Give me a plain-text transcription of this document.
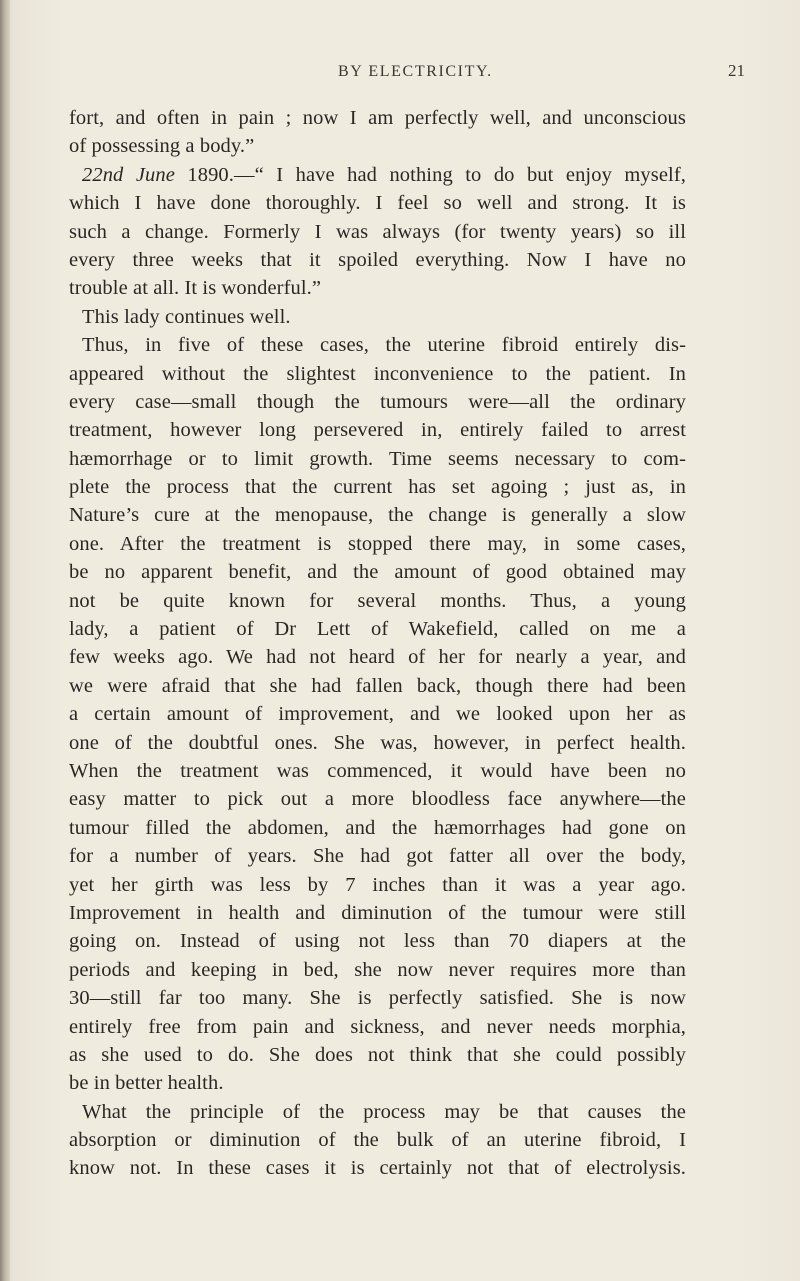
BY ELECTRICITY.	21
fort, and often in pain ; now I am perfectly well, and unconscious
of possessing a body.”
22nd June 1890.—“ I have had nothing to do but enjoy myself,
which I have done thoroughly. I feel so well and strong. It is
such a change. Formerly I was always (for twenty years) so ill
every three weeks that it spoiled everything. Now I have no
trouble at all. It is wonderful.”
This lady continues well.
Thus, in five of these cases, the uterine fibroid entirely dis-
appeared without the slightest inconvenience to the patient. In
every case—small though the tumours were—all the ordinary
treatment, however long persevered in, entirely failed to arrest
hæmorrhage or to limit growth. Time seems necessary to com-
plete the process that the current has set agoing ; just as, in
Nature’s cure at the menopause, the change is generally a slow
one. After the treatment is stopped there may, in some cases,
be no apparent benefit, and the amount of good obtained may
not be quite known for several months. Thus, a young
lady, a patient of Dr Lett of Wakefield, called on me a
few weeks ago. We had not heard of her for nearly a year, and
we were afraid that she had fallen back, though there had been
a certain amount of improvement, and we looked upon her as
one of the doubtful ones. She was, however, in perfect health.
When the treatment was commenced, it would have been no
easy matter to pick out a more bloodless face anywhere—the
tumour filled the abdomen, and the hæmorrhages had gone on
for a number of years. She had got fatter all over the body,
yet her girth was less by 7 inches than it was a year ago.
Improvement in health and diminution of the tumour were still
going on. Instead of using not less than 70 diapers at the
periods and keeping in bed, she now never requires more than
30—still far too many. She is perfectly satisfied. She is now
entirely free from pain and sickness, and never needs morphia,
as she used to do. She does not think that she could possibly
be in better health.
What the principle of the process may be that causes the
absorption or diminution of the bulk of an uterine fibroid, I
know not. In these cases it is certainly not that of electrolysis.
